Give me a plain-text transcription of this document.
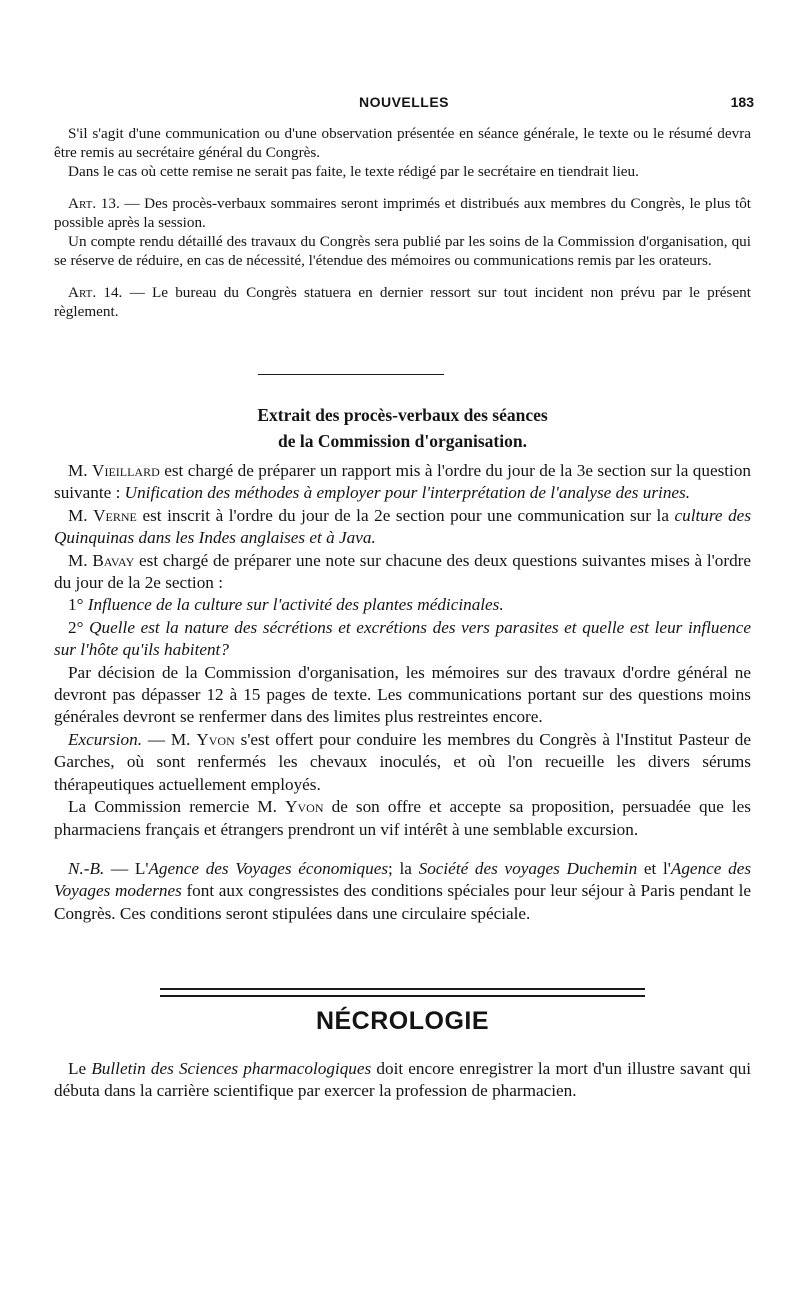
NOUVELLES	183

S'il s'agit d'une communication ou d'une observation présentée en séance générale, le texte ou le résumé devra être remis au secrétaire général du Congrès.

Dans le cas où cette remise ne serait pas faite, le texte rédigé par le secrétaire en tiendrait lieu.

Art. 13. — Des procès-verbaux sommaires seront imprimés et distribués aux membres du Congrès, le plus tôt possible après la session.

Un compte rendu détaillé des travaux du Congrès sera publié par les soins de la Commission d'organisation, qui se réserve de réduire, en cas de nécessité, l'étendue des mémoires ou communications remis par les orateurs.

Art. 14. — Le bureau du Congrès statuera en dernier ressort sur tout incident non prévu par le présent règlement.

Extrait des procès-verbaux des séances
de la Commission d'organisation.

M. Vieillard est chargé de préparer un rapport mis à l'ordre du jour de la 3e section sur la question suivante : Unification des méthodes à employer pour l'interprétation de l'analyse des urines.

M. Verne est inscrit à l'ordre du jour de la 2e section pour une communication sur la culture des Quinquinas dans les Indes anglaises et à Java.

M. Bavay est chargé de préparer une note sur chacune des deux questions suivantes mises à l'ordre du jour de la 2e section :

1° Influence de la culture sur l'activité des plantes médicinales.

2° Quelle est la nature des sécrétions et excrétions des vers parasites et quelle est leur influence sur l'hôte qu'ils habitent?

Par décision de la Commission d'organisation, les mémoires sur des travaux d'ordre général ne devront pas dépasser 12 à 15 pages de texte. Les communications portant sur des questions moins générales devront se renfermer dans des limites plus restreintes encore.

Excursion. — M. Yvon s'est offert pour conduire les membres du Congrès à l'Institut Pasteur de Garches, où sont renfermés les chevaux inoculés, et où l'on recueille les divers sérums thérapeutiques actuellement employés.

La Commission remercie M. Yvon de son offre et accepte sa proposition, persuadée que les pharmaciens français et étrangers prendront un vif intérêt à une semblable excursion.

N.-B. — L'Agence des Voyages économiques; la Société des voyages Duchemin et l'Agence des Voyages modernes font aux congressistes des conditions spéciales pour leur séjour à Paris pendant le Congrès. Ces conditions seront stipulées dans une circulaire spéciale.

NÉCROLOGIE

Le Bulletin des Sciences pharmacologiques doit encore enregistrer la mort d'un illustre savant qui débuta dans la carrière scientifique par exercer la profession de pharmacien.
